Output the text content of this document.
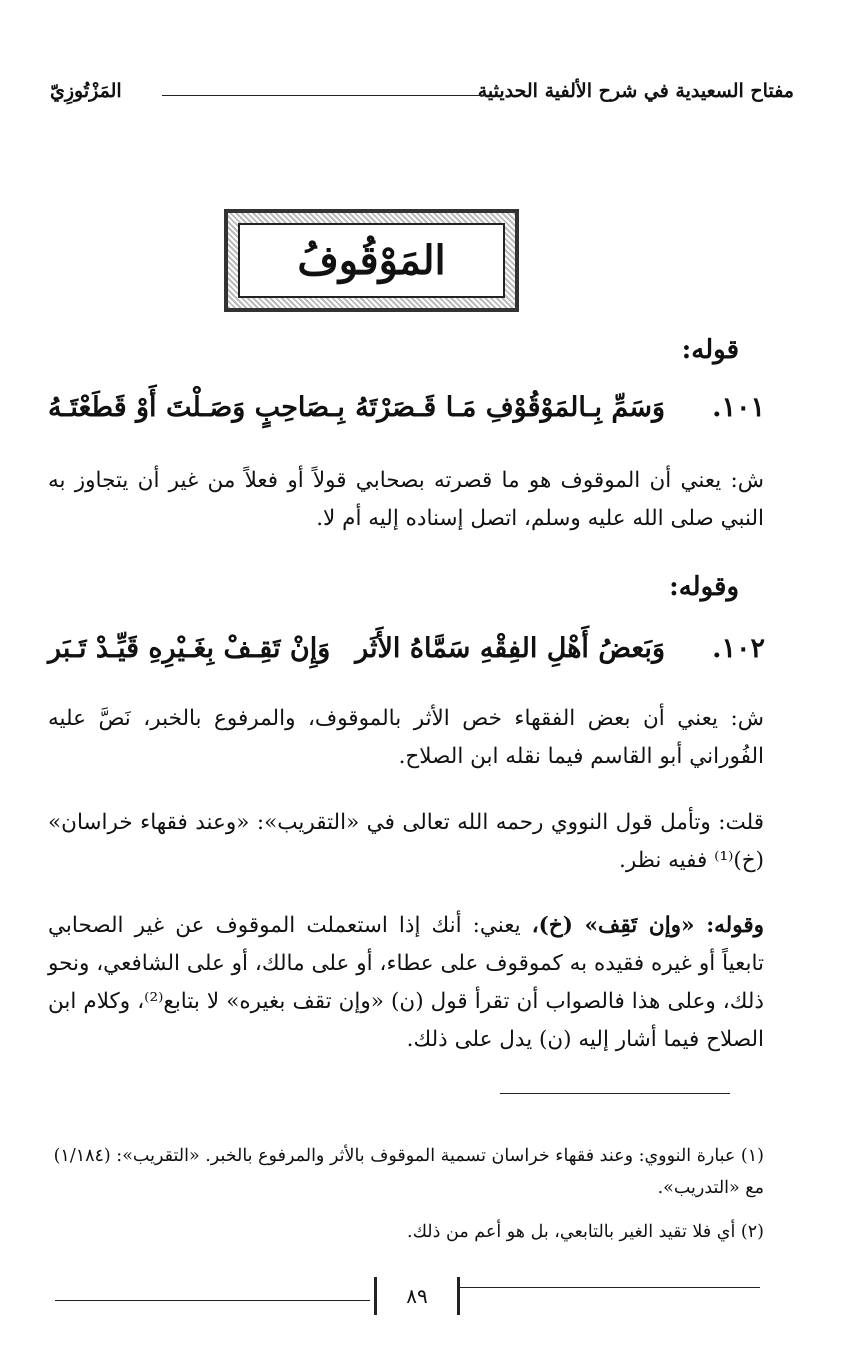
مفتاح السعيدية في شرح الألفية الحديثية
المَزْتُوزِيّ
المَوْقُوفُ
قوله:
١٠١.
وَسَمِّ بِـالمَوْقُوْفِ مَـا قَـصَرْتَهُ
بِـصَاحِبٍ وَصَـلْتَ أَوْ قَطَعْتَـهُ

ش: يعني أن الموقوف هو ما قصرته بصحابي قولاً أو فعلاً من غير أن يتجاوز به النبي صلى الله عليه وسلم، اتصل إسناده إليه أم لا.

وقوله:
١٠٢.
وَبَعضُ أَهْلِ الفِقْهِ سَمَّاهُ الأَثَر
وَإِنْ تَقِـفْ بِغَـيْرِهِ قَيِّـدْ تَـبَر

ش: يعني أن بعض الفقهاء خص الأثر بالموقوف، والمرفوع بالخبر، نَصَّ عليه الفُوراني أبو القاسم فيما نقله ابن الصلاح.

قلت: وتأمل قول النووي رحمه الله تعالى في «التقريب»: «وعند فقهاء خراسان» (خ)⁽¹⁾ ففيه نظر.

وقوله: «وإن تَقِف» (خ)، يعني: أنك إذا استعملت الموقوف عن غير الصحابي تابعياً أو غيره فقيده به كموقوف على عطاء، أو على مالك، أو على الشافعي، ونحو ذلك، وعلى هذا فالصواب أن تقرأ قول (ن) «وإن تقف بغيره» لا بتابع⁽²⁾، وكلام ابن الصلاح فيما أشار إليه (ن) يدل على ذلك.

(١) عبارة النووي: وعند فقهاء خراسان تسمية الموقوف بالأثر والمرفوع بالخبر. «التقريب»: (١/١٨٤) مع «التدريب».

(٢) أي فلا تقيد الغير بالتابعي، بل هو أعم من ذلك.

٨٩
